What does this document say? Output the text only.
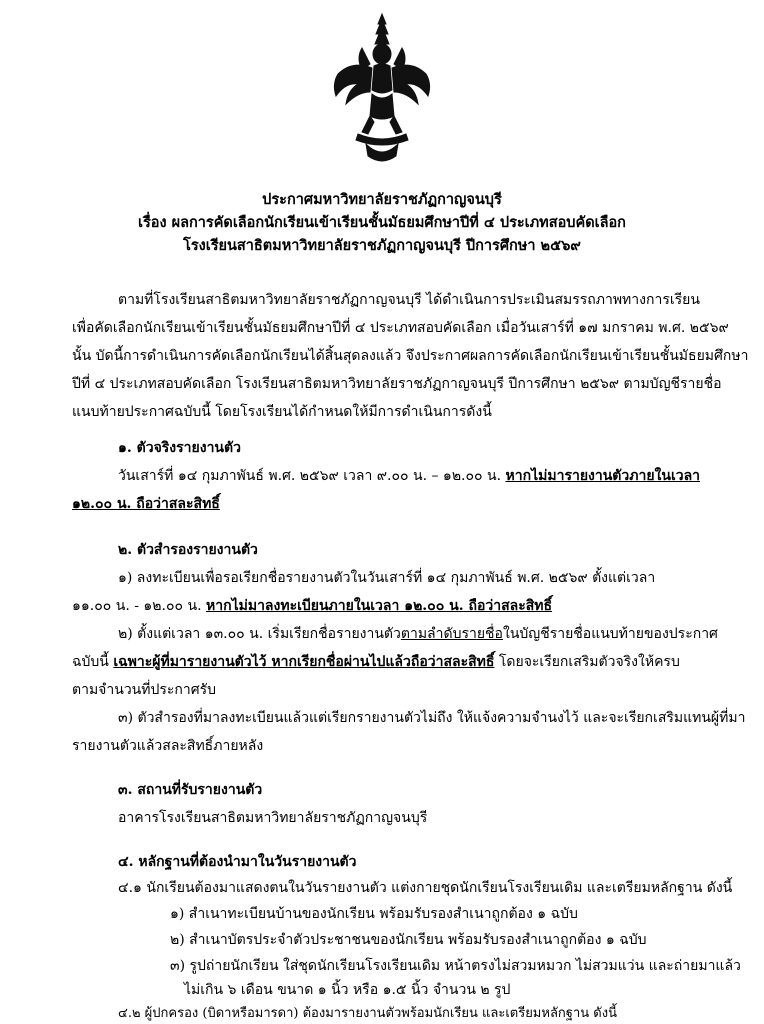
ประกาศมหาวิทยาลัยราชภัฏกาญจนบุรี
เรื่อง ผลการคัดเลือกนักเรียนเข้าเรียนชั้นมัธยมศึกษาปีที่ ๔ ประเภทสอบคัดเลือก
โรงเรียนสาธิตมหาวิทยาลัยราชภัฏกาญจนบุรี ปีการศึกษา ๒๕๖๙
ตามที่โรงเรียนสาธิตมหาวิทยาลัยราชภัฏกาญจนบุรี ได้ดำเนินการประเมินสมรรถภาพทางการเรียน
เพื่อคัดเลือกนักเรียนเข้าเรียนชั้นมัธยมศึกษาปีที่ ๔ ประเภทสอบคัดเลือก เมื่อวันเสาร์ที่ ๑๗ มกราคม พ.ศ. ๒๕๖๙
นั้น บัดนี้การดำเนินการคัดเลือกนักเรียนได้สิ้นสุดลงแล้ว จึงประกาศผลการคัดเลือกนักเรียนเข้าเรียนชั้นมัธยมศึกษา
ปีที่ ๔ ประเภทสอบคัดเลือก โรงเรียนสาธิตมหาวิทยาลัยราชภัฏกาญจนบุรี ปีการศึกษา ๒๕๖๙ ตามบัญชีรายชื่อ
แนบท้ายประกาศฉบับนี้ โดยโรงเรียนได้กำหนดให้มีการดำเนินการดังนี้
๑. ตัวจริงรายงานตัว
วันเสาร์ที่ ๑๔ กุมภาพันธ์ พ.ศ. ๒๕๖๙ เวลา ๙.๐๐ น. – ๑๒.๐๐ น. หากไม่มารายงานตัวภายในเวลา
๑๒.๐๐ น. ถือว่าสละสิทธิ์
๒. ตัวสำรองรายงานตัว
๑) ลงทะเบียนเพื่อรอเรียกชื่อรายงานตัวในวันเสาร์ที่ ๑๔ กุมภาพันธ์ พ.ศ. ๒๕๖๙ ตั้งแต่เวลา
๑๑.๐๐ น. - ๑๒.๐๐ น. หากไม่มาลงทะเบียนภายในเวลา ๑๒.๐๐ น. ถือว่าสละสิทธิ์
๒) ตั้งแต่เวลา ๑๓.๐๐ น. เริ่มเรียกชื่อรายงานตัวตามลำดับรายชื่อในบัญชีรายชื่อแนบท้ายของประกาศ
ฉบับนี้ เฉพาะผู้ที่มารายงานตัวไว้ หากเรียกชื่อผ่านไปแล้วถือว่าสละสิทธิ์ โดยจะเรียกเสริมตัวจริงให้ครบ
ตามจำนวนที่ประกาศรับ
๓) ตัวสำรองที่มาลงทะเบียนแล้วแต่เรียกรายงานตัวไม่ถึง ให้แจ้งความจำนงไว้ และจะเรียกเสริมแทนผู้ที่มา
รายงานตัวแล้วสละสิทธิ์ภายหลัง
๓. สถานที่รับรายงานตัว
อาคารโรงเรียนสาธิตมหาวิทยาลัยราชภัฏกาญจนบุรี
๔. หลักฐานที่ต้องนำมาในวันรายงานตัว
๔.๑ นักเรียนต้องมาแสดงตนในวันรายงานตัว แต่งกายชุดนักเรียนโรงเรียนเดิม และเตรียมหลักฐาน ดังนี้
๑) สำเนาทะเบียนบ้านของนักเรียน พร้อมรับรองสำเนาถูกต้อง ๑ ฉบับ
๒) สำเนาบัตรประจำตัวประชาชนของนักเรียน พร้อมรับรองสำเนาถูกต้อง ๑ ฉบับ
๓) รูปถ่ายนักเรียน ใส่ชุดนักเรียนโรงเรียนเดิม หน้าตรงไม่สวมหมวก ไม่สวมแว่น และถ่ายมาแล้ว
ไม่เกิน ๖ เดือน ขนาด ๑ นิ้ว หรือ ๑.๕ นิ้ว จำนวน ๒ รูป
๔.๒ ผู้ปกครอง (บิดาหรือมารดา) ต้องมารายงานตัวพร้อมนักเรียน และเตรียมหลักฐาน ดังนี้
